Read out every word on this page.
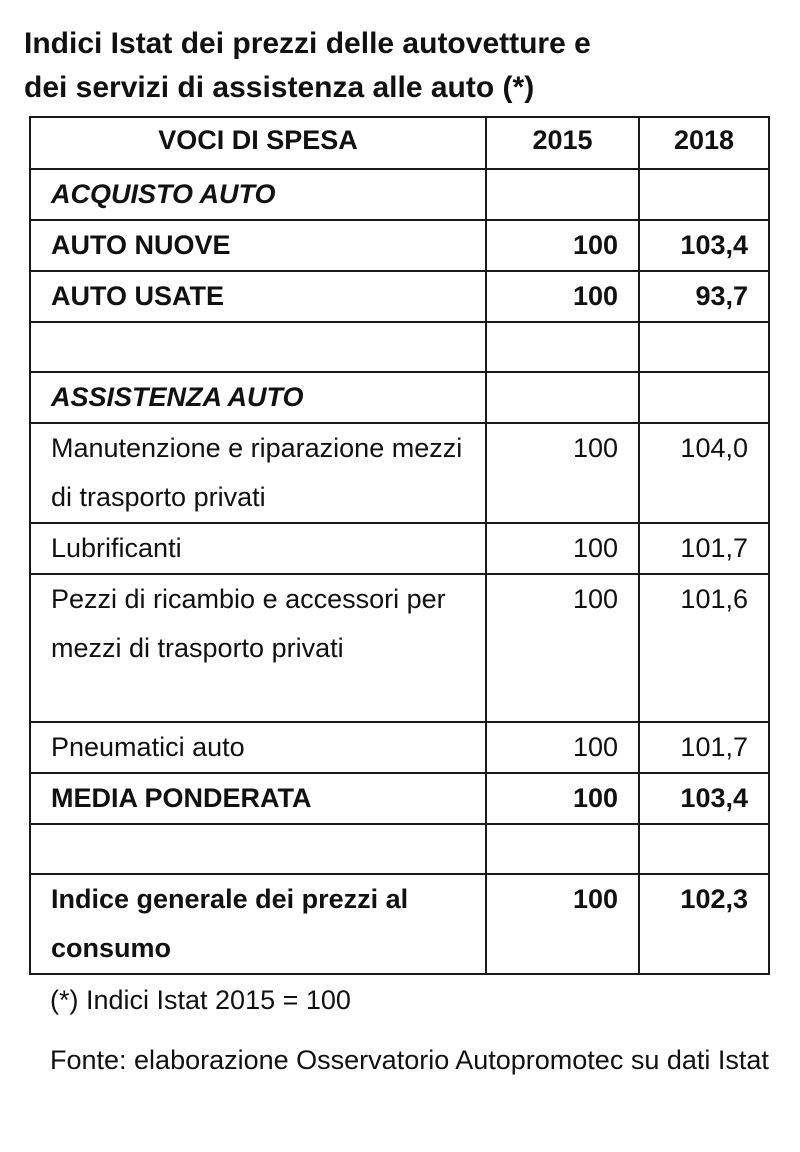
Indici Istat dei prezzi delle autovetture e
dei servizi di assistenza alle auto (*)
VOCI DI SPESA	2015	2018
ACQUISTO AUTO		
AUTO NUOVE	100	103,4
AUTO USATE	100	93,7

ASSISTENZA AUTO		
Manutenzione e riparazione mezzi di trasporto privati	100	104,0
Lubrificanti	100	101,7
Pezzi di ricambio e accessori per mezzi di trasporto privati	100	101,6
Pneumatici auto	100	101,7
MEDIA PONDERATA	100	103,4

Indice generale dei prezzi al consumo	100	102,3

(*) Indici Istat 2015 = 100

Fonte: elaborazione Osservatorio Autopromotec su dati Istat
